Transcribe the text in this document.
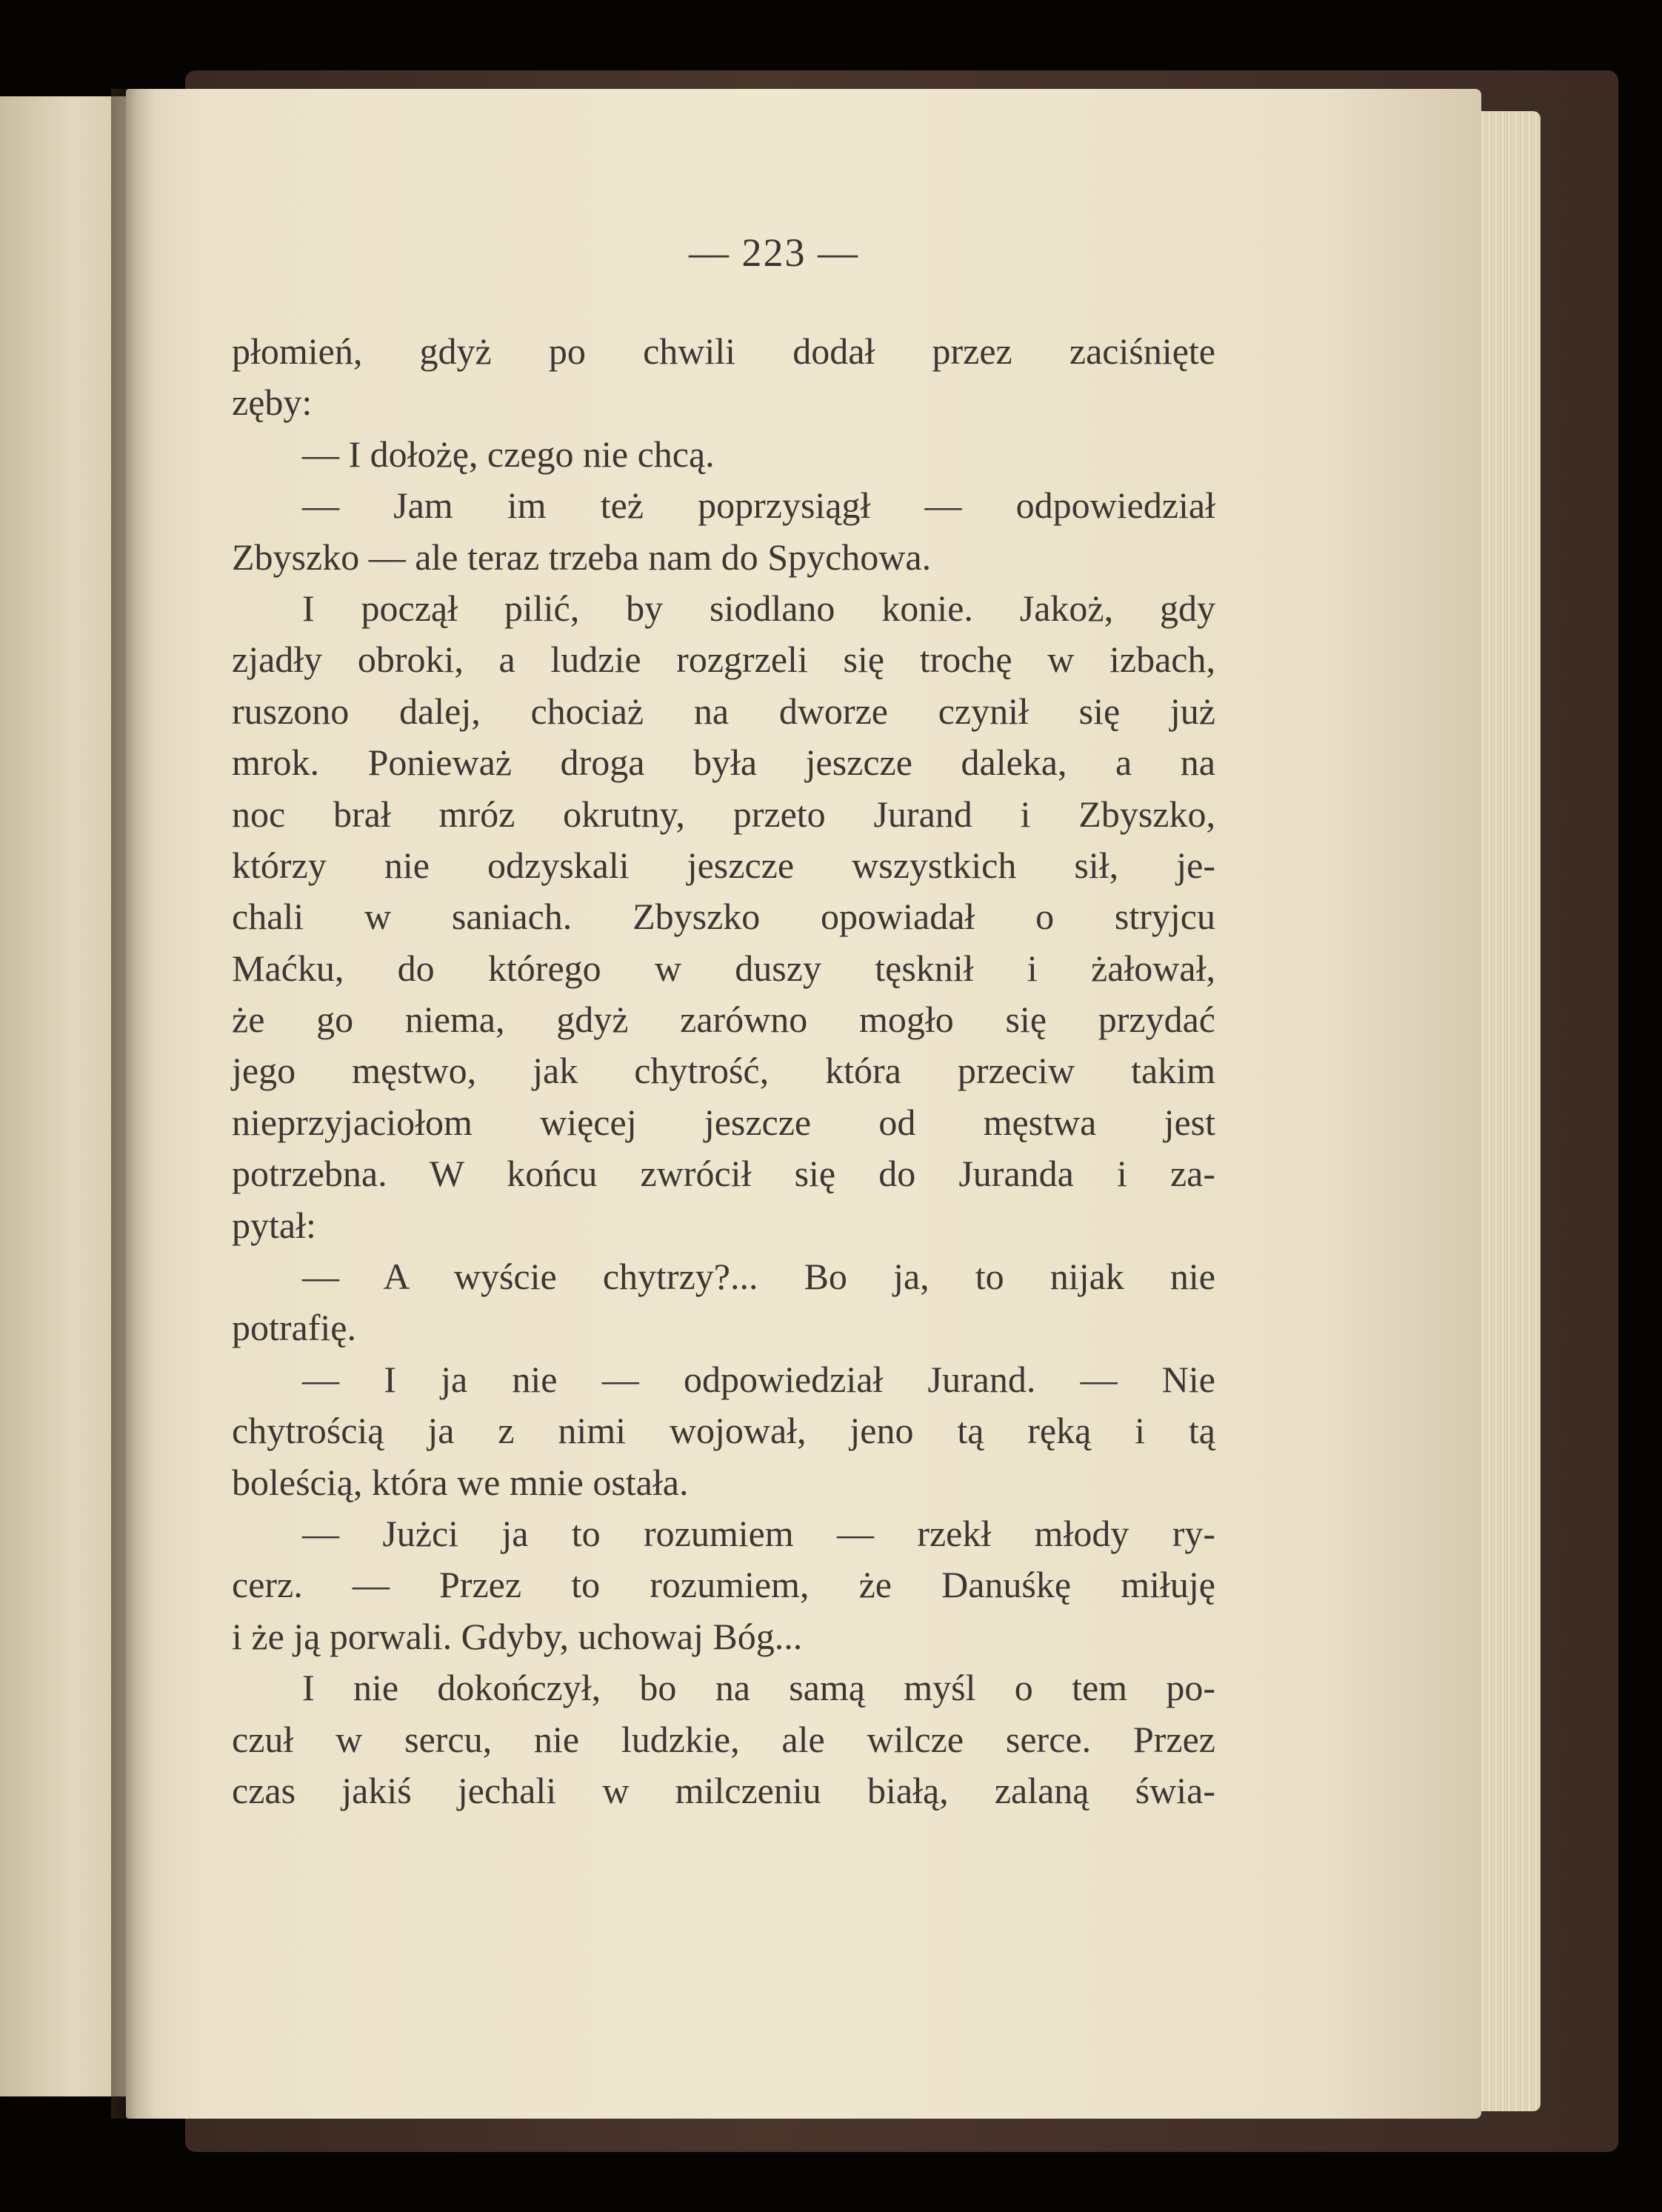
— 223 —
płomień, gdyż po chwili dodał przez zaciśnięte
zęby:
— I dołożę, czego nie chcą.
— Jam im też poprzysiągł — odpowiedział
Zbyszko — ale teraz trzeba nam do Spychowa.
I począł pilić, by siodlano konie. Jakoż, gdy
zjadły obroki, a ludzie rozgrzeli się trochę w izbach,
ruszono dalej, chociaż na dworze czynił się już
mrok. Ponieważ droga była jeszcze daleka, a na
noc brał mróz okrutny, przeto Jurand i Zbyszko,
którzy nie odzyskali jeszcze wszystkich sił, je-
chali w saniach. Zbyszko opowiadał o stryjcu
Maćku, do którego w duszy tęsknił i żałował,
że go niema, gdyż zarówno mogło się przydać
jego męstwo, jak chytrość, która przeciw takim
nieprzyjaciołom więcej jeszcze od męstwa jest
potrzebna. W końcu zwrócił się do Juranda i za-
pytał:
— A wyście chytrzy?... Bo ja, to nijak nie
potrafię.
— I ja nie — odpowiedział Jurand. — Nie
chytrością ja z nimi wojował, jeno tą ręką i tą
boleścią, która we mnie ostała.
— Jużci ja to rozumiem — rzekł młody ry-
cerz. — Przez to rozumiem, że Danuśkę miłuję
i że ją porwali. Gdyby, uchowaj Bóg...
I nie dokończył, bo na samą myśl o tem po-
czuł w sercu, nie ludzkie, ale wilcze serce. Przez
czas jakiś jechali w milczeniu białą, zalaną świa-
